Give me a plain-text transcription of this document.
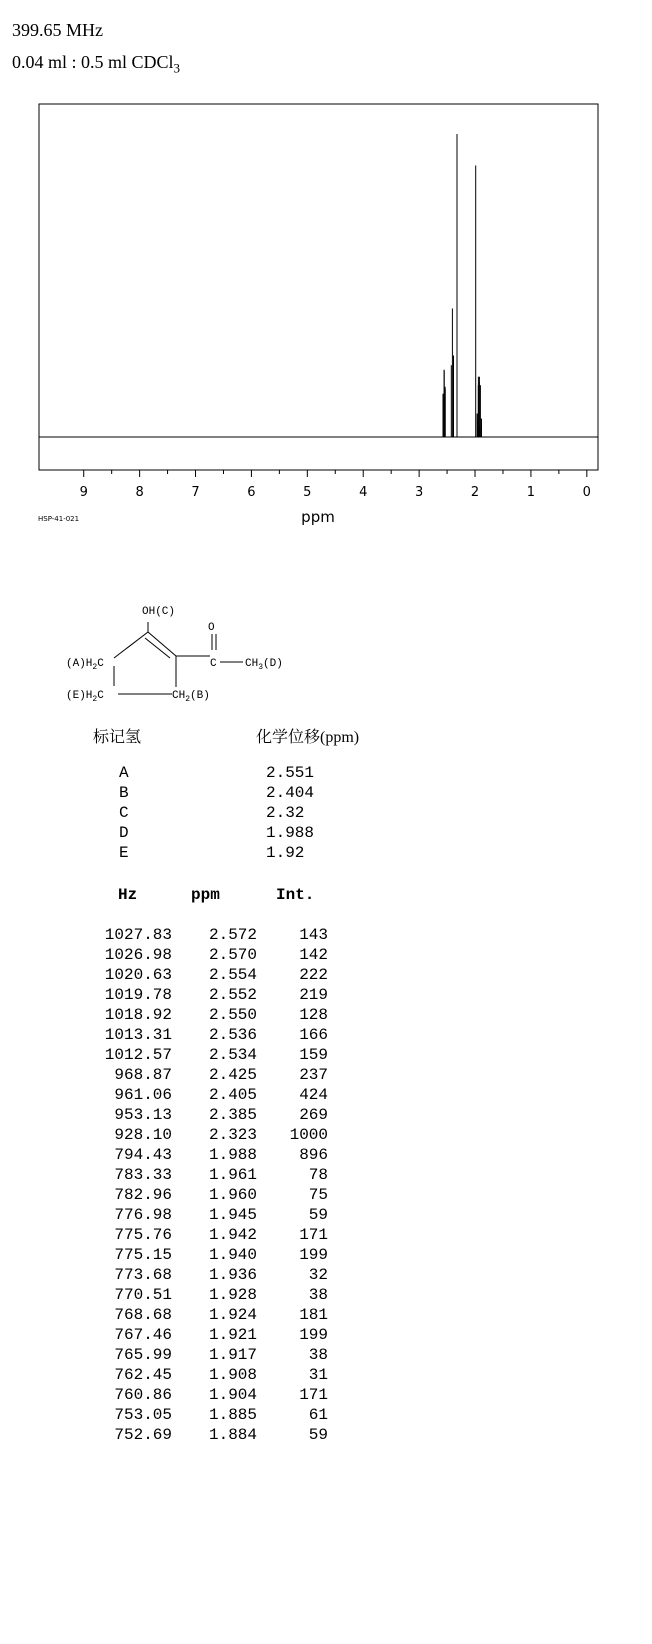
399.65 MHz
0.04 ml : 0.5 ml CDCl$_3$
9	8	7	6	5	4	3	2	1	0
ppm
HSP-41-021
OH(C)
O
C	$CH_3(D)$
$(A)H_2C$
$(E)H_2C$	$CH_2(B)$
标记氢	化学位移(ppm)
A	2.551
B	2.404
C	2.32
D	1.988
E	1.92
Hz	ppm	Int.
1027.83	2.572	143
1026.98	2.570	142
1020.63	2.554	222
1019.78	2.552	219
1018.92	2.550	128
1013.31	2.536	166
1012.57	2.534	159
968.87	2.425	237
961.06	2.405	424
953.13	2.385	269
928.10	2.323	1000
794.43	1.988	896
783.33	1.961	78
782.96	1.960	75
776.98	1.945	59
775.76	1.942	171
775.15	1.940	199
773.68	1.936	32
770.51	1.928	38
768.68	1.924	181
767.46	1.921	199
765.99	1.917	38
762.45	1.908	31
760.86	1.904	171
753.05	1.885	61
752.69	1.884	59
